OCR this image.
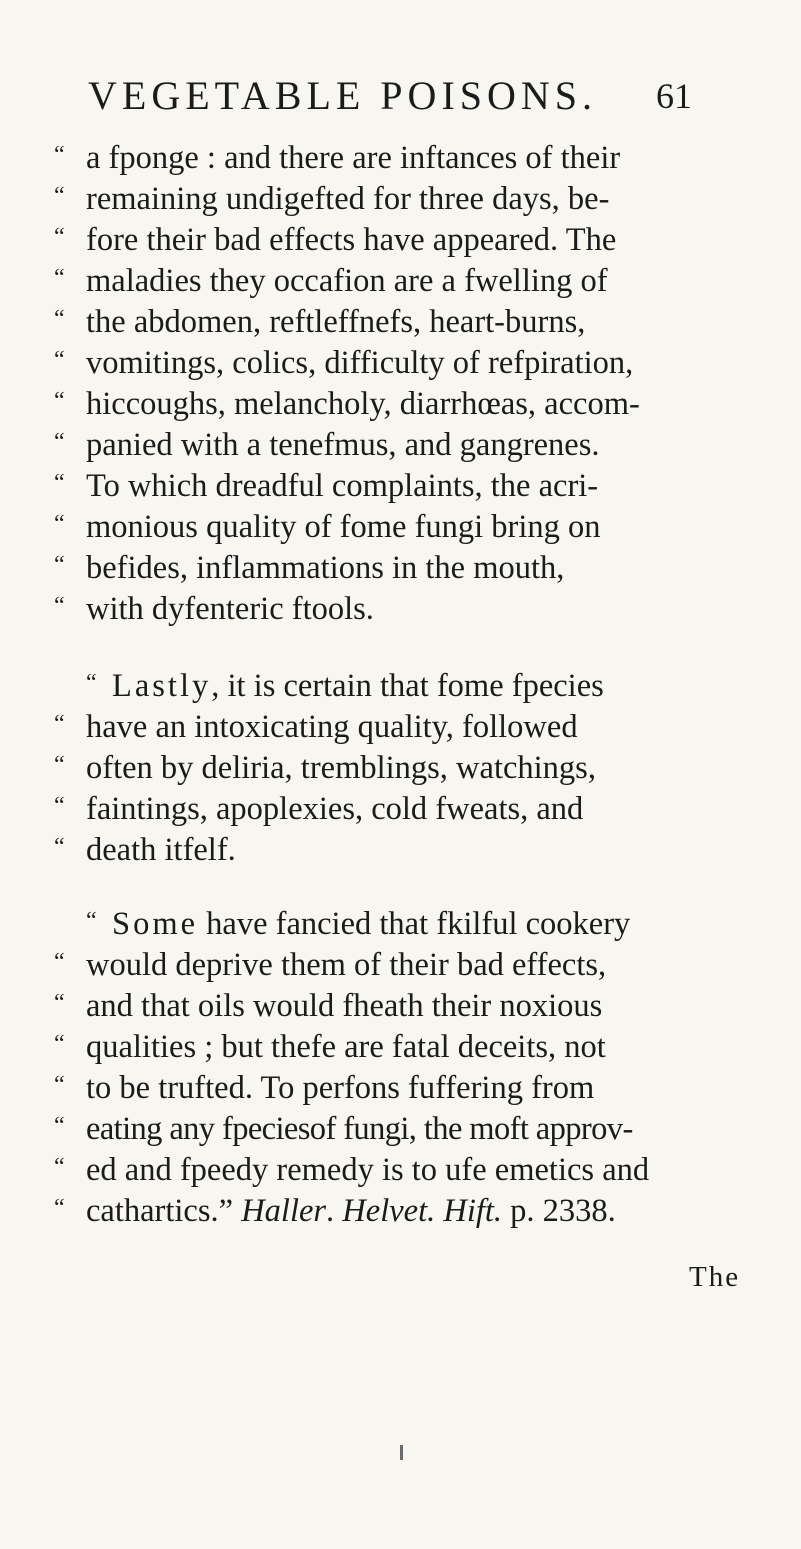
VEGETABLE POISONS. 61
“ a fponge : and there are inftances of their
“ remaining undigefted for three days, be-
“ fore their bad effects have appeared. The
“ maladies they occafion are a fwelling of
“ the abdomen, reftleffnefs, heart-burns,
“ vomitings, colics, difficulty of refpiration,
“ hiccoughs, melancholy, diarrhœas, accom-
“ panied with a tenefmus, and gangrenes.
“ To which dreadful complaints, the acri-
“ monious quality of fome fungi bring on
“ befides, inflammations in the mouth,
“ with dyfenteric ftools.
“ Lastly, it is certain that fome fpecies
“ have an intoxicating quality, followed
“ often by deliria, tremblings, watchings,
“ faintings, apoplexies, cold fweats, and
“ death itfelf.
“ Some have fancied that fkilful cookery
“ would deprive them of their bad effects,
“ and that oils would fheath their noxious
“ qualities ; but thefe are fatal deceits, not
“ to be trufted. To perfons fuffering from
“ eating any fpeciesof fungi, the moft approv-
“ ed and fpeedy remedy is to ufe emetics and
“ cathartics.” Haller. Helvet. Hift. p. 2338.
The
